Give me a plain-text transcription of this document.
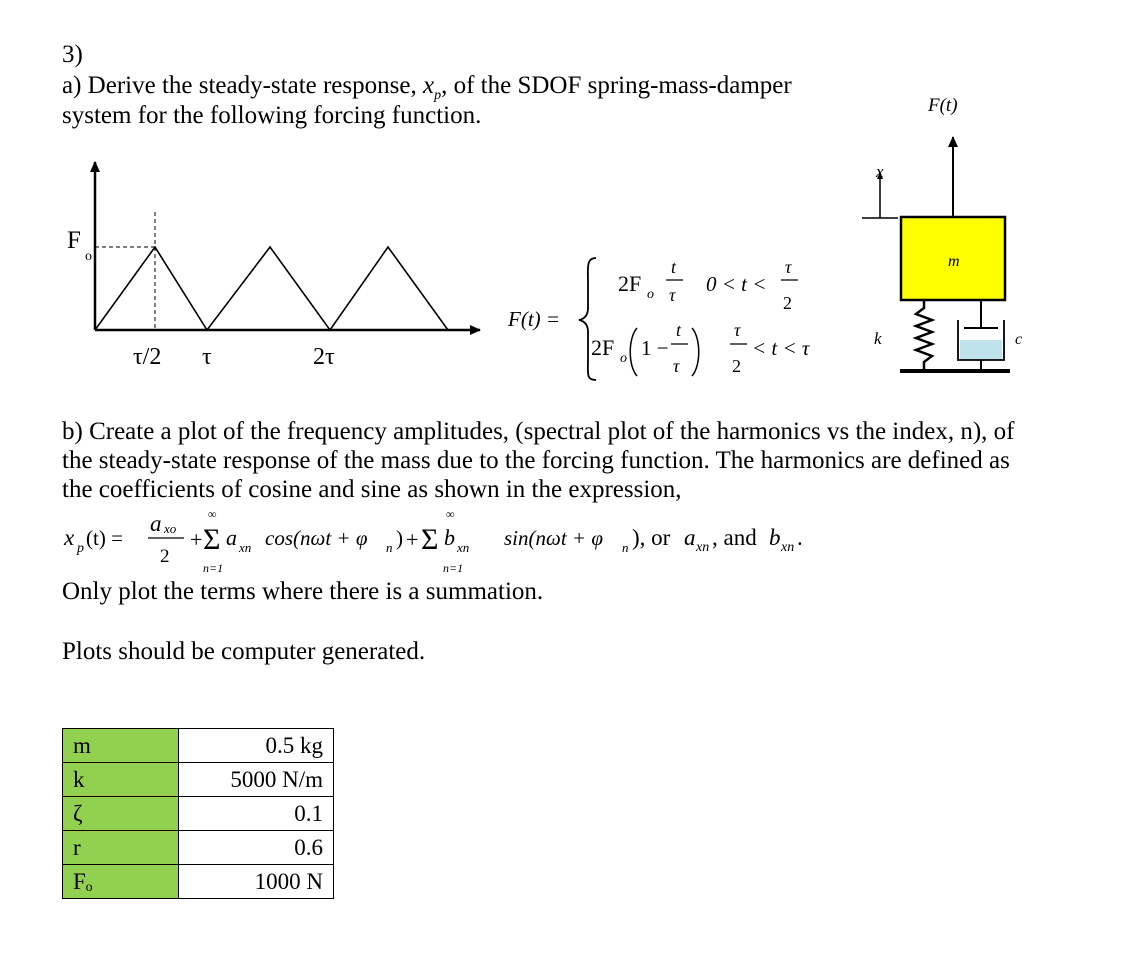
3)
a) Derive the steady-state response, $x_p$, of the SDOF spring-mass-damper
system for the following forcing function.
F
o
τ/2 τ	2τ
F(t) =
2F o
t
τ 0 < t <
τ
2
2F o 1 −
t
τ
τ
2
< t < τ
F(t)
x
m
k	c
b) Create a plot of the frequency amplitudes, (spectral plot of the harmonics vs the index, n), of
the steady-state response of the mass due to the forcing function. The harmonics are defined as
the coefficients of cosine and sine as shown in the expression,
x p (t) =
a xo
2
+
∞
Σ
n=1
a xn cos(nωt + φ n ) +
∞
Σ
n=1
b xn sin(nωt + φ n ), or a xn , and b xn .
Only plot the terms where there is a summation.
Plots should be computer generated.
m	0.5 kg
k	5000 N/m
ζ	0.1
r	0.6
Fₒ	1000 N
